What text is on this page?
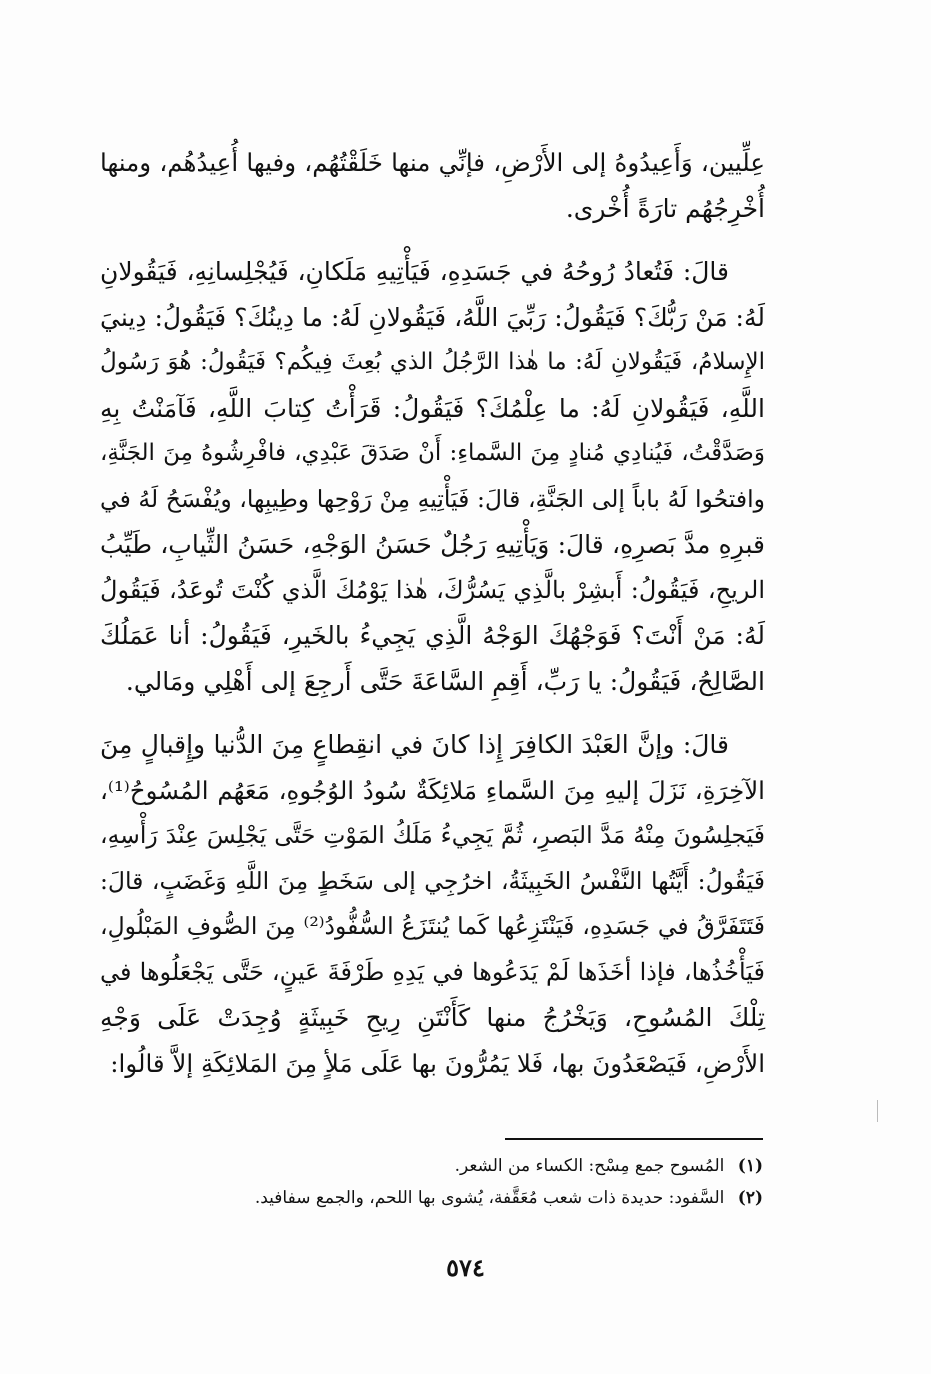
عِلِّيين، وَأَعِيدُوهُ إلى الأَرْضِ، فإنِّي منها خَلَقْتُهُم، وفيها أُعِيدُهُم، ومنها
أُخْرِجُهُم تارَةً أُخْرى.

قالَ: فَتُعادُ رُوحُهُ في جَسَدِهِ، فَيَأْتِيهِ مَلَكانِ، فَيُجْلِسانِهِ، فَيَقُولانِ
لَهُ: مَنْ رَبُّكَ؟ فَيَقُولُ: رَبِّيَ اللَّهُ، فَيَقُولانِ لَهُ: ما دِينُكَ؟ فَيَقُولُ: دِينيَ
الإِسلامُ، فَيَقُولانِ لَهُ: ما هٰذا الرَّجُلُ الذي بُعِثَ فِيكُم؟ فَيَقُولُ: هُوَ رَسُولُ
اللَّهِ، فَيَقُولانِ لَهُ: ما عِلْمُكَ؟ فَيَقُولُ: قَرَأْتُ كِتابَ اللَّهِ، فَآمَنْتُ بِهِ
وَصَدَّقْتُ، فَيُنادِي مُنادٍ مِنَ السَّماءِ: أَنْ صَدَقَ عَبْدِي، فافْرِشُوهُ مِنَ الجَنَّةِ،
وافتحُوا لَهُ باباً إلى الجَنَّةِ، قالَ: فَيَأْتِيهِ مِنْ رَوْحِها وطِيبِها، ويُفْسَحُ لَهُ في
قبرِهِ مدَّ بَصرِهِ، قالَ: وَيَأْتِيهِ رَجُلٌ حَسَنُ الوَجْهِ، حَسَنُ الثِّيابِ، طَيِّبُ
الريحِ، فَيَقُولُ: أَبشِرْ بالَّذِي يَسُرُّكَ، هٰذا يَوْمُكَ الَّذي كُنْتَ تُوعَدُ، فَيَقُولُ
لَهُ: مَنْ أَنْتَ؟ فَوَجْهُكَ الوَجْهُ الَّذِي يَجِيءُ بالخَيرِ، فَيَقُولُ: أنا عَمَلُكَ
الصَّالِحُ، فَيَقُولُ: يا رَبِّ، أَقِمِ السَّاعَةَ حَتَّى أَرجِعَ إلى أَهْلِي ومَالي.

قالَ: وإنَّ العَبْدَ الكافِرَ إِذا كانَ في انقِطاعٍ مِنَ الدُّنيا وإِقبالٍ مِنَ
الآخِرَةِ، نَزَلَ إليهِ مِنَ السَّماءِ مَلائِكَةٌ سُودُ الوُجُوهِ، مَعَهُم المُسُوحُ⁽¹⁾،
فَيَجلِسُونَ مِنْهُ مَدَّ البَصرِ، ثُمَّ يَجِيءُ مَلَكُ المَوْتِ حَتَّى يَجْلِسَ عِنْدَ رَأْسِهِ،
فَيَقُولُ: أَيَّتُها النَّفْسُ الخَبِيثَةُ، اخرُجِي إلى سَخَطٍ مِنَ اللَّهِ وَغَضَبٍ، قالَ:
فَتَتَفَرَّقُ في جَسَدِهِ، فَيَنْتَزِعُها كَما يُنتَزَعُ السُّفُّودُ⁽²⁾ مِنَ الصُّوفِ المَبْلُولِ،
فَيَأْخُذُها، فإذا أخَذَها لَمْ يَدَعُوها في يَدِهِ طَرْفَةَ عَينٍ، حَتَّى يَجْعَلُوها في
تِلْكَ المُسُوحِ، وَيَخْرُجُ منها كَأَنْتَنِ رِيحِ خَبِيثَةٍ وُجِدَتْ عَلَى وَجْهِ
الأَرْضِ، فَيَصْعَدُونَ بها، فَلا يَمُرُّونَ بها عَلَى مَلأٍ مِنَ المَلائِكَةِ إلاَّ قالُوا:

(١) المُسوح جمع مِسْح: الكساء من الشعر.
(٢) السَّفود: حديدة ذات شعب مُعَقَّفة، يُشوى بها اللحم، والجمع سفافيد.
٥٧٤
